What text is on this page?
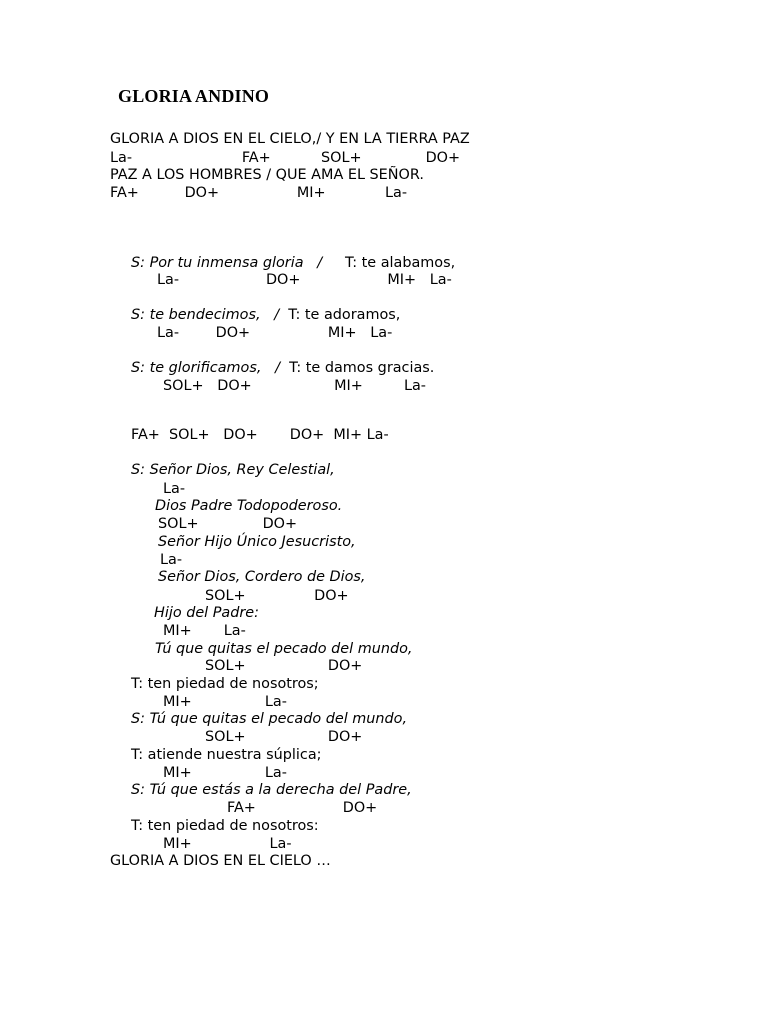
GLORIA ANDINO
GLORIA A DIOS EN EL CIELO,/ Y EN LA TIERRA PAZ
La-                        FA+           SOL+              DO+
PAZ A LOS HOMBRES / QUE AMA EL SEÑOR.
FA+          DO+                 MI+             La-
S: Por tu inmensa gloria   /     T: te alabamos,
La-                   DO+                   MI+   La-
S: te bendecimos,   /  T: te adoramos,
La-        DO+                 MI+   La-
S: te glorificamos,   /  T: te damos gracias.
SOL+   DO+                  MI+         La-
FA+  SOL+   DO+       DO+  MI+ La-
S: Señor Dios, Rey Celestial,
La-
Dios Padre Todopoderoso.
SOL+              DO+
Señor Hijo Único Jesucristo,
La-
Señor Dios, Cordero de Dios,
SOL+               DO+
Hijo del Padre:
MI+       La-
Tú que quitas el pecado del mundo,
SOL+                  DO+
T: ten piedad de nosotros;
MI+                La-
S: Tú que quitas el pecado del mundo,
SOL+                  DO+
T: atiende nuestra súplica;
MI+                La-
S: Tú que estás a la derecha del Padre,
FA+                   DO+
T: ten piedad de nosotros:
MI+                 La-
GLORIA A DIOS EN EL CIELO …
